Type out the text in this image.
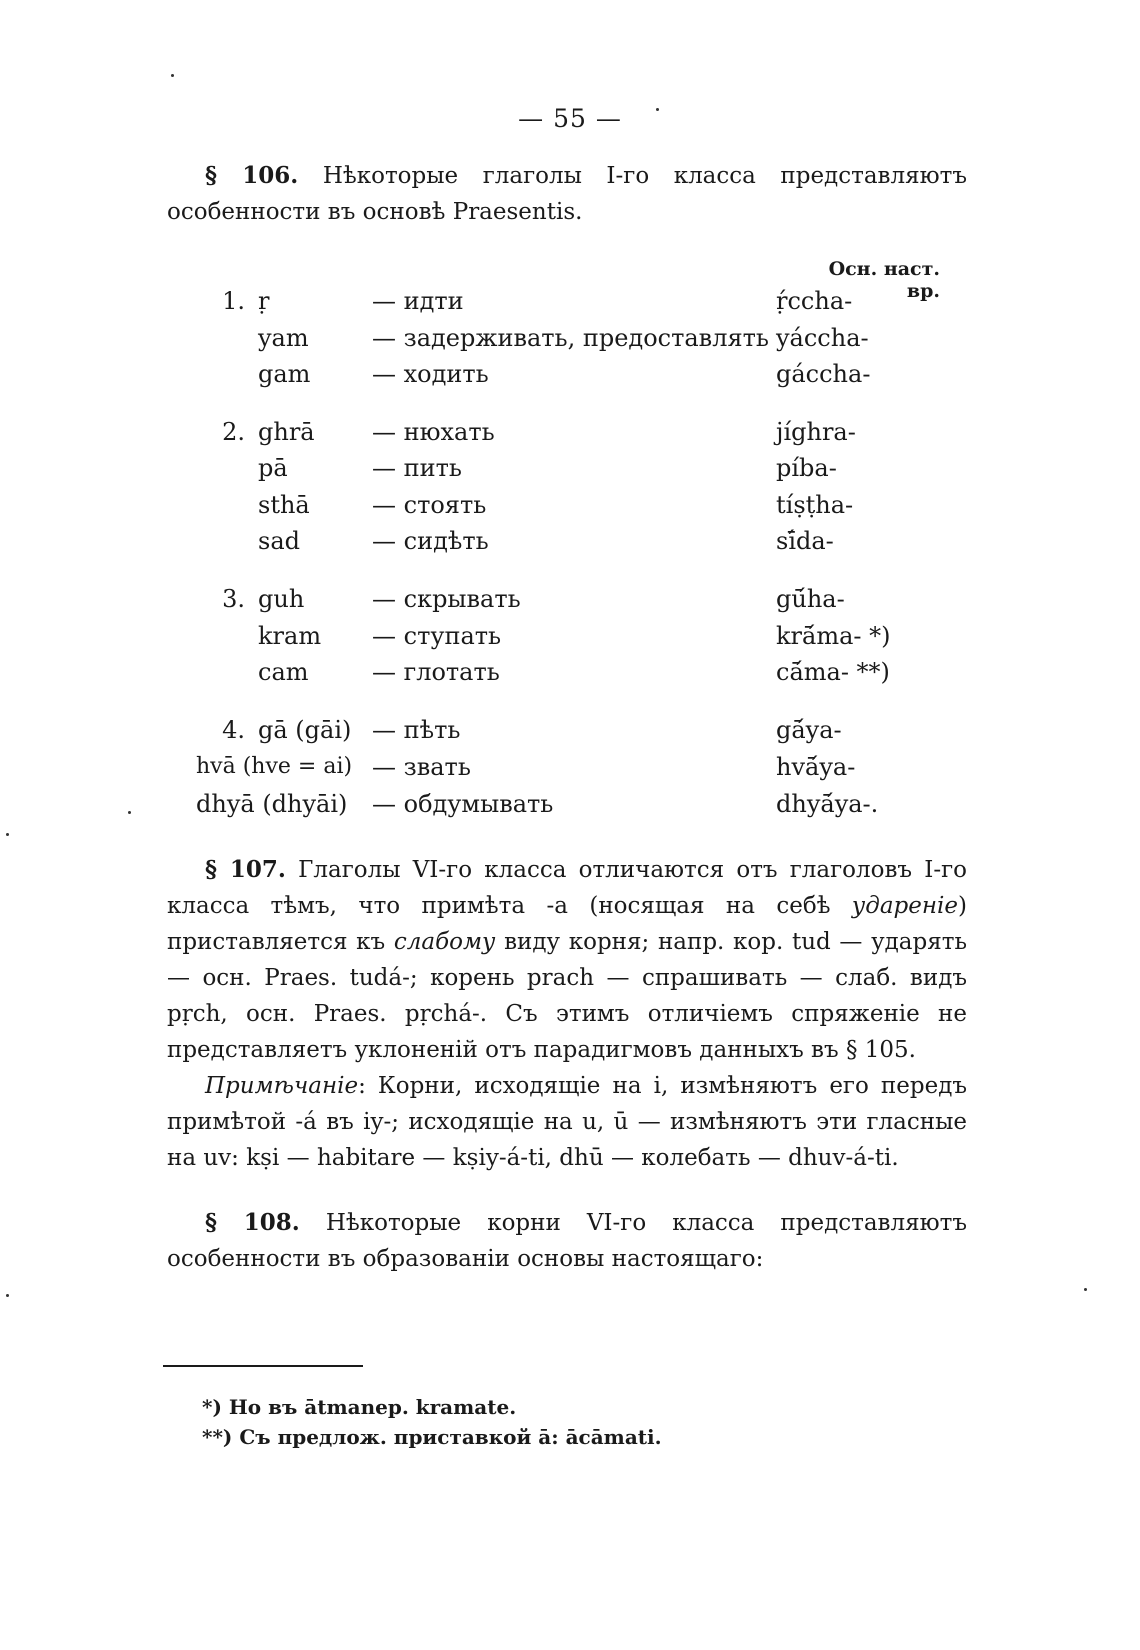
— 55 —
§ 106. Нѣкоторые глаголы I-го класса представляютъ особенности въ основѣ Praesentis.
Осн. наст. вр.
1. ṛ	— идти	ṛ́ccha-
yam	— задерживать, предоставлять yáccha-
gam	— ходить	gáccha-
2. ghrā — нюхать	jíghra-
pā	— пить	píba-
sthā	— стоять	tíṣṭha-
sad	— сидѣть	sī́da-
3. guh	— скрывать	gū́ha-
kram — ступать	krā́ma- *)
cam	— глотать	cā́ma- **)
4. gā (gāi) — пѣть	gā́ya-
hvā (hve = ai) — звать	hvā́ya-
dhyā (dhyāi) — обдумывать	dhyā́ya-.
§ 107. Глаголы VI-го класса отличаются отъ глаголовъ I-го класса тѣмъ, что примѣта -a (носящая на себѣ удареніе) приставляется къ слабому виду корня; напр. кор. tud — ударять — осн. Praes. tudá-; корень prach — спрашивать — слаб. видъ pṛch, осн. Praes. pṛchá-. Съ этимъ отличіемъ спряженіе не представляетъ уклоненій отъ парадигмовъ данныхъ въ § 105.
Примѣчаніе: Корни, исходящіе на i, измѣняютъ его передъ примѣтой -á въ iy-; исходящіе на u, ū — измѣняютъ эти гласные на uv: kṣi — habitare — kṣiy-á-ti, dhū — колебать — dhuv-á-ti.
§ 108. Нѣкоторые корни VI-го класса представляютъ особенности въ образованіи основы настоящаго:
*) Но въ ātmanep. kramate.
**) Съ предлож. приставкой ā: ācāmati.
